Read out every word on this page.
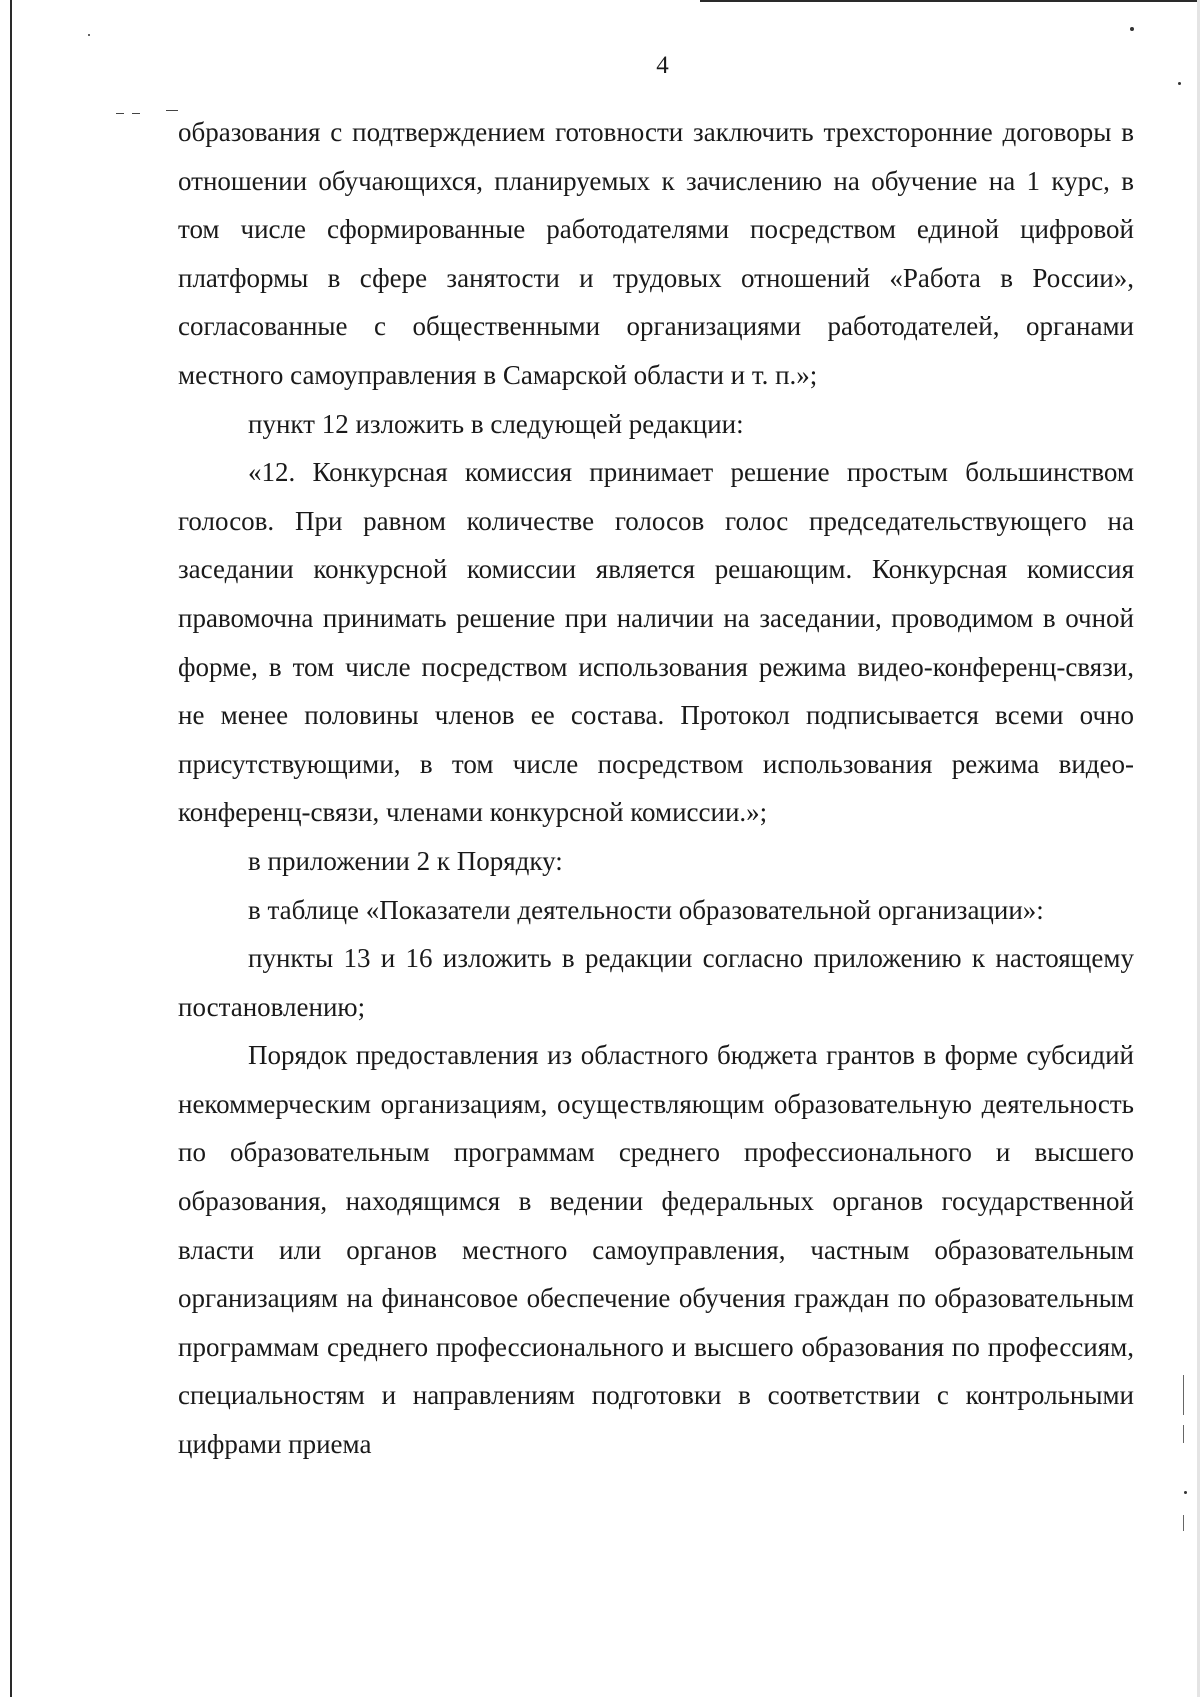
4

образования с подтверждением готовности заключить трехсторонние договоры в отношении обучающихся, планируемых к зачислению на обучение на 1 курс, в том числе сформированные работодателями посредством единой цифровой платформы в сфере занятости и трудовых отношений «Работа в России», согласованные с общественными организациями работодателей, органами местного самоуправления в Самарской области и т. п.»;

пункт 12 изложить в следующей редакции:

«12. Конкурсная комиссия принимает решение простым большинством голосов. При равном количестве голосов голос председательствующего на заседании конкурсной комиссии является решающим. Конкурсная комиссия правомочна принимать решение при наличии на заседании, проводимом в очной форме, в том числе посредством использования режима видео-конференц-связи, не менее половины членов ее состава. Протокол подписывается всеми очно присутствующими, в том числе посредством использования режима видео-конференц-связи, членами конкурсной комиссии.»;

в приложении 2 к Порядку:

в таблице «Показатели деятельности образовательной организации»:

пункты 13 и 16 изложить в редакции согласно приложению к настоящему постановлению;

Порядок предоставления из областного бюджета грантов в форме субсидий некоммерческим организациям, осуществляющим образовательную деятельность по образовательным программам среднего профессионального и высшего образования, находящимся в ведении федеральных органов государственной власти или органов местного самоуправления, частным образовательным организациям на финансовое обеспечение обучения граждан по образовательным программам среднего профессионального и высшего образования по профессиям, специальностям и направлениям подготовки в соответствии с контрольными цифрами приема
